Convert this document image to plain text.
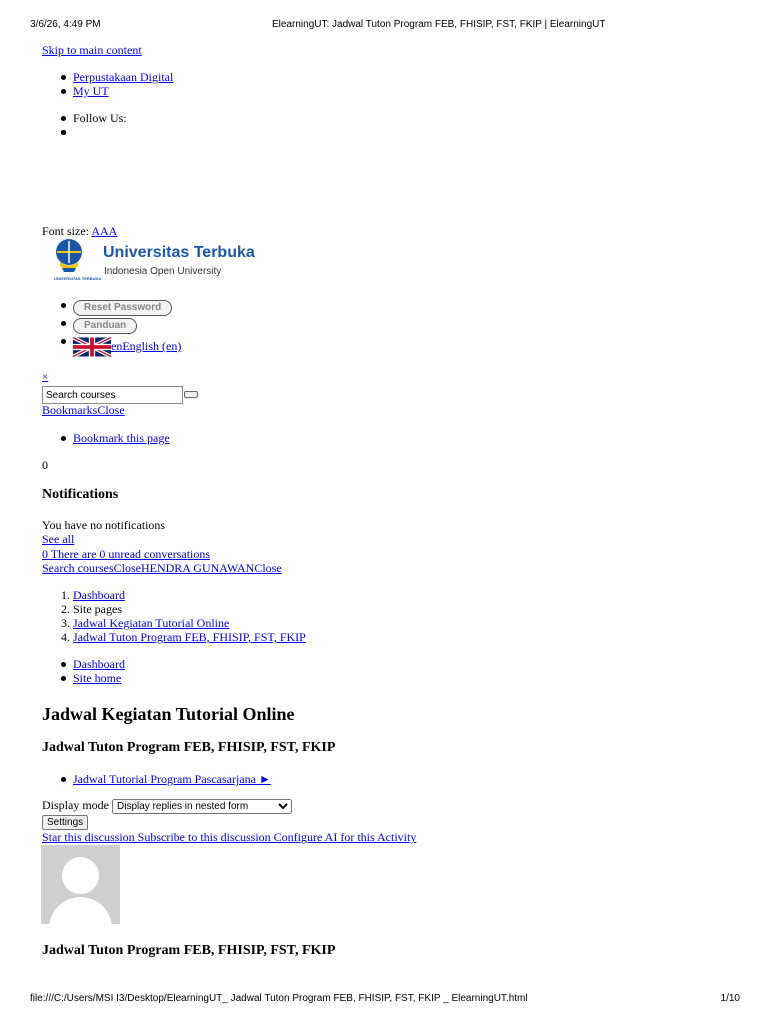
3/6/26, 4:49 PM	ElearningUT: Jadwal Tuton Program FEB, FHISIP, FST, FKIP | ElearningUT
Skip to main content
Perpustakaan Digital
My UT
Follow Us:
Font size: AAA
UNIVERSITAS TERBUKA
Universitas Terbuka
Indonesia Open University
Reset Password
Panduan
enEnglish (en)
×
Search courses
BookmarksClose
Bookmark this page
0
Notifications
You have no notifications
See all
0 There are 0 unread conversations
Search coursesCloseHENDRA GUNAWANClose
1. Dashboard
2. Site pages
3. Jadwal Kegiatan Tutorial Online
4. Jadwal Tuton Program FEB, FHISIP, FST, FKIP
Dashboard
Site home
Jadwal Kegiatan Tutorial Online
Jadwal Tuton Program FEB, FHISIP, FST, FKIP
Jadwal Tutorial Program Pascasarjana ►
Display mode
Display replies in nested form
Settings
Star this discussion Subscribe to this discussion Configure AI for this Activity
Jadwal Tuton Program FEB, FHISIP, FST, FKIP
file:///C:/Users/MSI I3/Desktop/ElearningUT_ Jadwal Tuton Program FEB, FHISIP, FST, FKIP _ ElearningUT.html	1/10
